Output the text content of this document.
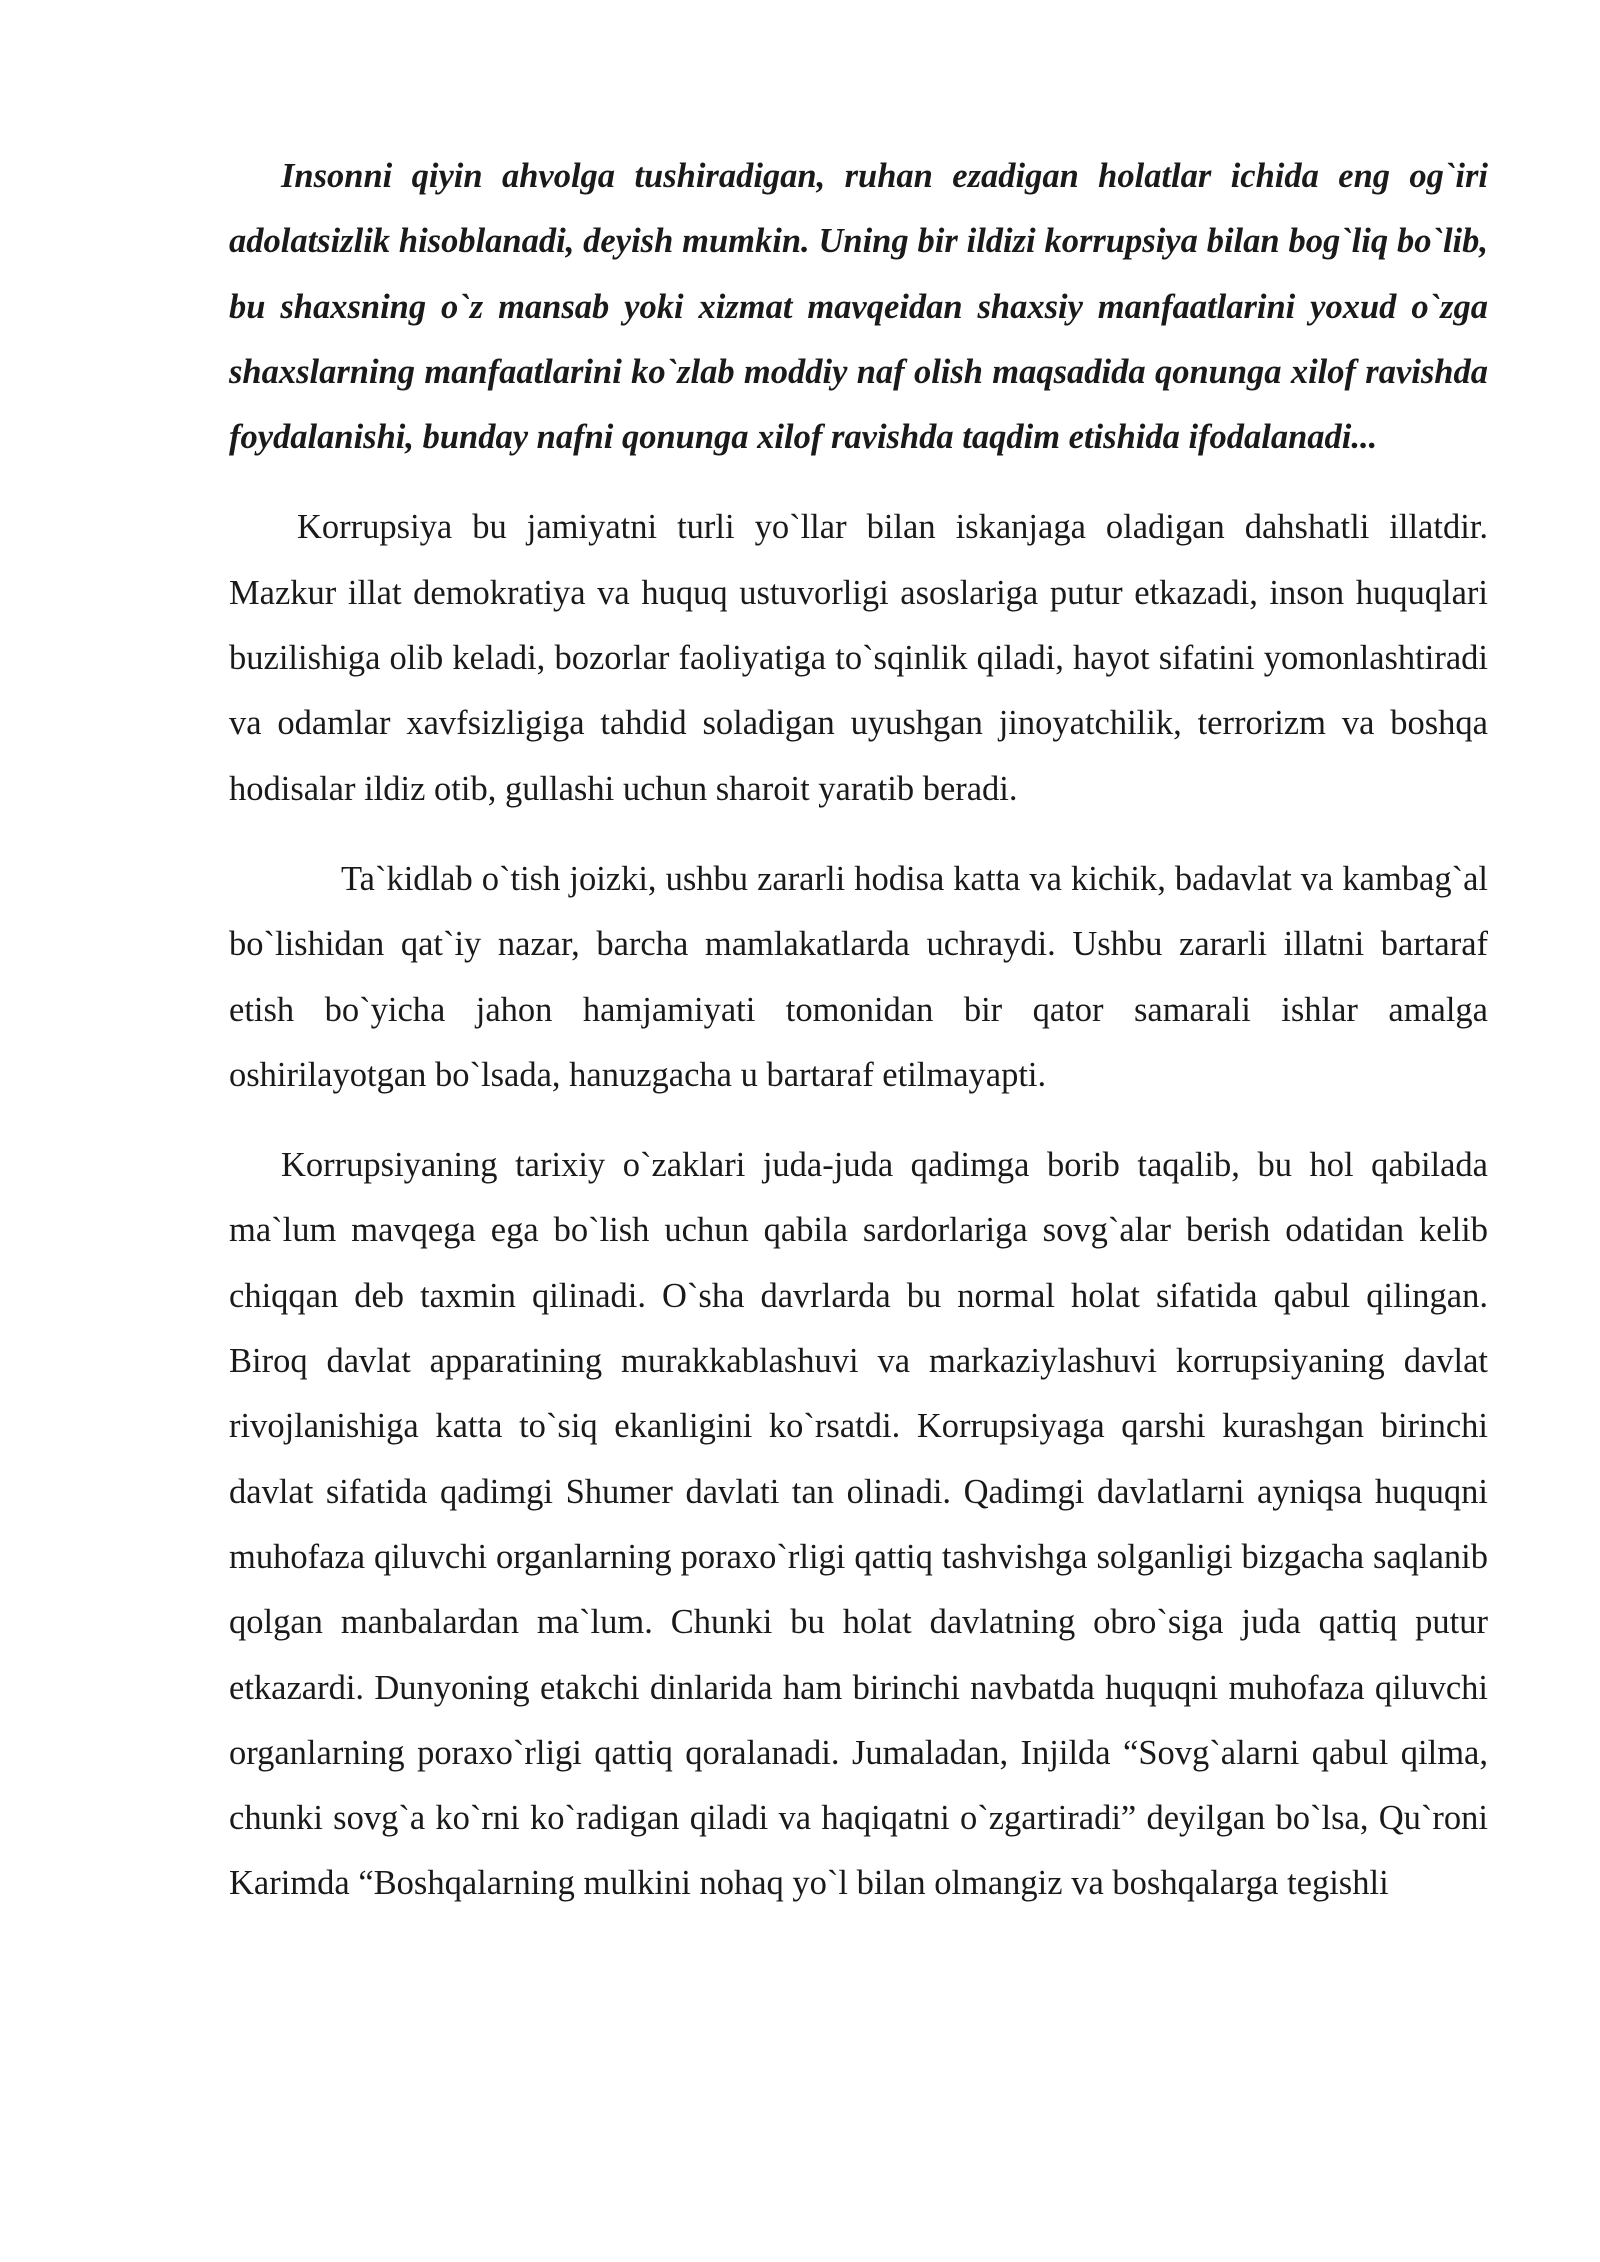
Insonni qiyin ahvolga tushiradigan, ruhan ezadigan holatlar ichida eng og`iri adolatsizlik hisoblanadi, deyish mumkin. Uning bir ildizi korrupsiya bilan bog`liq bo`lib, bu shaxsning o`z mansab yoki xizmat mavqeidan shaxsiy manfaatlarini yoxud o`zga shaxslarning manfaatlarini ko`zlab moddiy naf olish maqsadida qonunga xilof ravishda foydalanishi, bunday nafni qonunga xilof ravishda taqdim etishida ifodalanadi...

Korrupsiya bu jamiyatni turli yo`llar bilan iskanjaga oladigan dahshatli illatdir. Mazkur illat demokratiya va huquq ustuvorligi asoslariga putur etkazadi, inson huquqlari buzilishiga olib keladi, bozorlar faoliyatiga to`sqinlik qiladi, hayot sifatini yomonlashtiradi va odamlar xavfsizligiga tahdid soladigan uyushgan jinoyatchilik, terrorizm va boshqa hodisalar ildiz otib, gullashi uchun sharoit yaratib beradi.

Ta`kidlab o`tish joizki, ushbu zararli hodisa katta va kichik, badavlat va kambag`al bo`lishidan qat`iy nazar, barcha mamlakatlarda uchraydi. Ushbu zararli illatni bartaraf etish bo`yicha jahon hamjamiyati tomonidan bir qator samarali ishlar amalga oshirilayotgan bo`lsada, hanuzgacha u bartaraf etilmayapti.

Korrupsiyaning tarixiy o`zaklari juda-juda qadimga borib taqalib, bu hol qabilada ma`lum mavqega ega bo`lish uchun qabila sardorlariga sovg`alar berish odatidan kelib chiqqan deb taxmin qilinadi. O`sha davrlarda bu normal holat sifatida qabul qilingan. Biroq davlat apparatining murakkablashuvi va markaziylashuvi korrupsiyaning davlat rivojlanishiga katta to`siq ekanligini ko`rsatdi. Korrupsiyaga qarshi kurashgan birinchi davlat sifatida qadimgi Shumer davlati tan olinadi. Qadimgi davlatlarni ayniqsa huquqni muhofaza qiluvchi organlarning poraxo`rligi qattiq tashvishga solganligi bizgacha saqlanib qolgan manbalardan ma`lum. Chunki bu holat davlatning obro`siga juda qattiq putur etkazardi. Dunyoning etakchi dinlarida ham birinchi navbatda huquqni muhofaza qiluvchi organlarning poraxo`rligi qattiq qoralanadi. Jumaladan, Injilda “Sovg`alarni qabul qilma, chunki sovg`a ko`rni ko`radigan qiladi va haqiqatni o`zgartiradi” deyilgan bo`lsa, Qu`roni Karimda “Boshqalarning mulkini nohaq yo`l bilan olmangiz va boshqalarga tegishli
